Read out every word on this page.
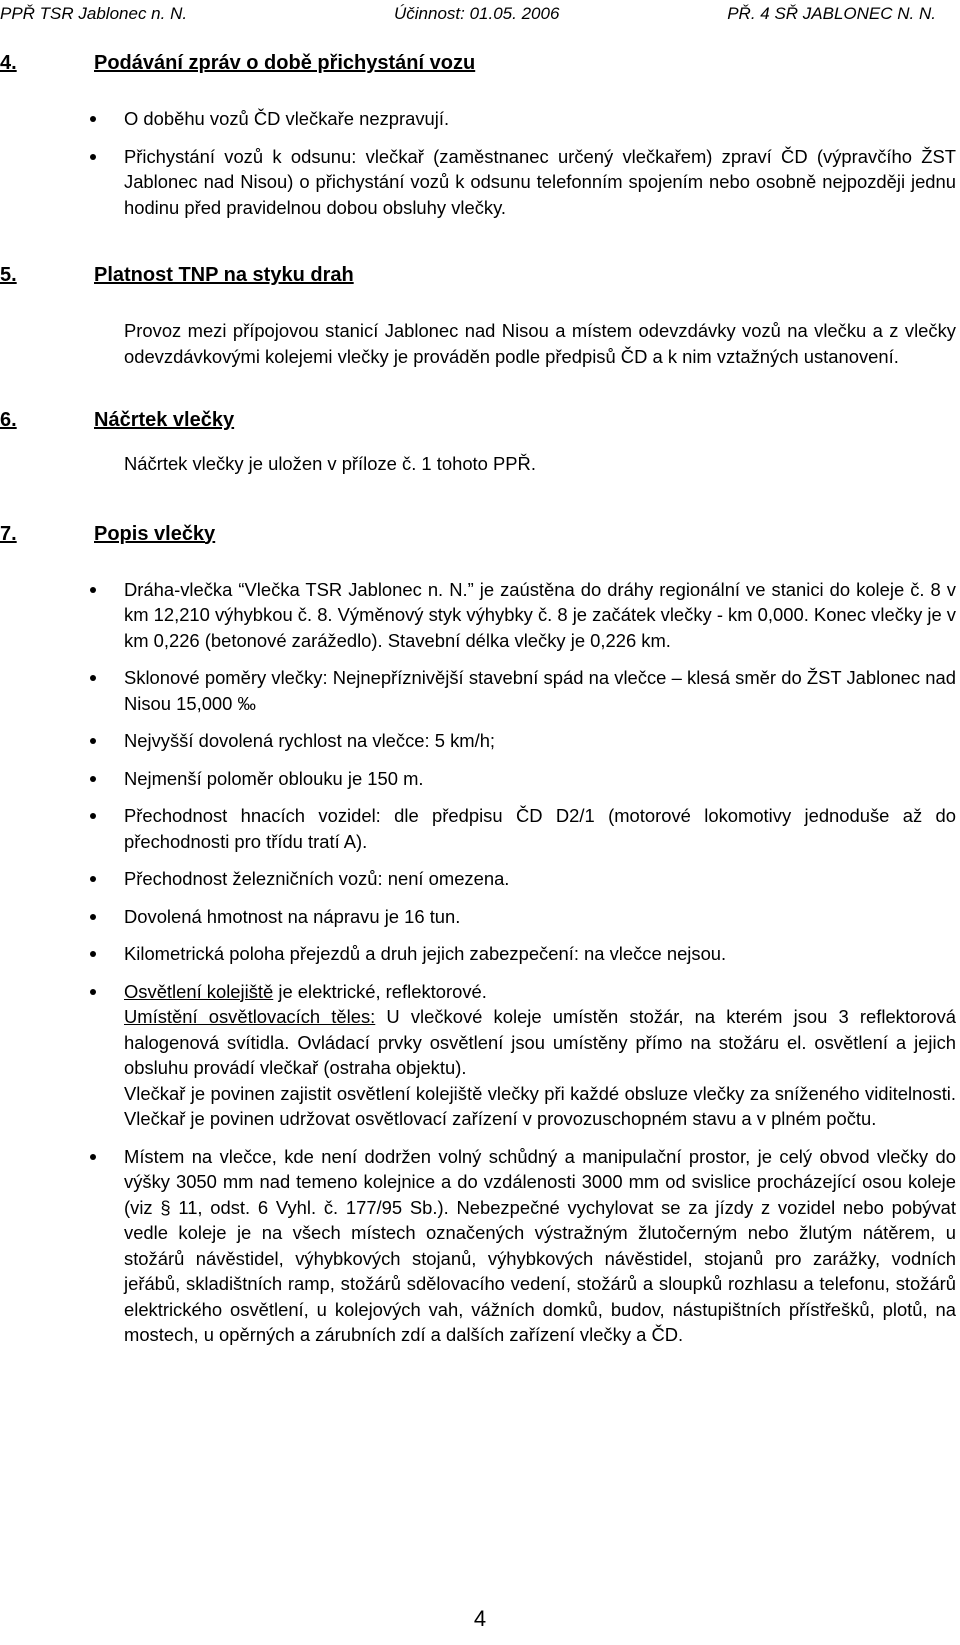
PPŘ TSR Jablonec n. N.	Účinnost: 01.05. 2006	PŘ. 4 SŘ JABLONEC N. N.
4.	Podávání zpráv o době přichystání vozu
O doběhu vozů ČD vlečkaře nezpravují.
Přichystání vozů k odsunu: vlečkař (zaměstnanec určený vlečkařem) zpraví ČD (výpravčího ŽST Jablonec nad Nisou) o přichystání vozů k odsunu telefonním spojením nebo osobně nejpozději jednu hodinu před pravidelnou dobou obsluhy vlečky.
5.	Platnost TNP na styku drah

Provoz mezi přípojovou stanicí Jablonec nad Nisou a místem odevzdávky vozů na vlečku a z vlečky odevzdávkovými kolejemi vlečky je prováděn podle předpisů ČD a k nim vztažných ustanovení.

6.	Náčrtek vlečky

Náčrtek vlečky je uložen v příloze č. 1 tohoto PPŘ.

7.	Popis vlečky
Dráha-vlečka “Vlečka TSR Jablonec n. N.” je zaústěna do dráhy regionální ve stanici do koleje č. 8 v km 12,210 výhybkou č. 8. Výměnový styk výhybky č. 8 je začátek vlečky - km 0,000. Konec vlečky je v km 0,226 (betonové zarážedlo). Stavební délka vlečky je 0,226 km.
Sklonové poměry vlečky: Nejnepříznivější stavební spád na vlečce – klesá směr do ŽST Jablonec nad Nisou 15,000 ‰
Nejvyšší dovolená rychlost na vlečce: 5 km/h;
Nejmenší poloměr oblouku je 150 m.
Přechodnost hnacích vozidel: dle předpisu ČD D2/1 (motorové lokomotivy jednoduše až do přechodnosti pro třídu tratí A).
Přechodnost železničních vozů: není omezena.
Dovolená hmotnost na nápravu je 16 tun.
Kilometrická poloha přejezdů a druh jejich zabezpečení: na vlečce nejsou.
Osvětlení kolejiště je elektrické, reflektorové.
Umístění osvětlovacích těles: U vlečkové koleje umístěn stožár, na kterém jsou 3 reflektorová halogenová svítidla. Ovládací prvky osvětlení jsou umístěny přímo na stožáru el. osvětlení a jejich obsluhu provádí vlečkař (ostraha objektu).
Vlečkař je povinen zajistit osvětlení kolejiště vlečky při každé obsluze vlečky za sníženého viditelnosti. Vlečkař je povinen udržovat osvětlovací zařízení v provozuschopném stavu a v plném počtu.
Místem na vlečce, kde není dodržen volný schůdný a manipulační prostor, je celý obvod vlečky do výšky 3050 mm nad temeno kolejnice a do vzdálenosti 3000 mm od svislice procházející osou koleje (viz § 11, odst. 6 Vyhl. č. 177/95 Sb.). Nebezpečné vychylovat se za jízdy z vozidel nebo pobývat vedle koleje je na všech místech označených výstražným žlutočerným nebo žlutým nátěrem, u stožárů návěstidel, výhybkových stojanů, výhybkových návěstidel, stojanů pro zarážky, vodních jeřábů, skladištních ramp, stožárů sdělovacího vedení, stožárů a sloupků rozhlasu a telefonu, stožárů elektrického osvětlení, u kolejových vah, vážních domků, budov, nástupištních přístřešků, plotů, na mostech, u opěrných a zárubních zdí a dalších zařízení vlečky a ČD.
4
